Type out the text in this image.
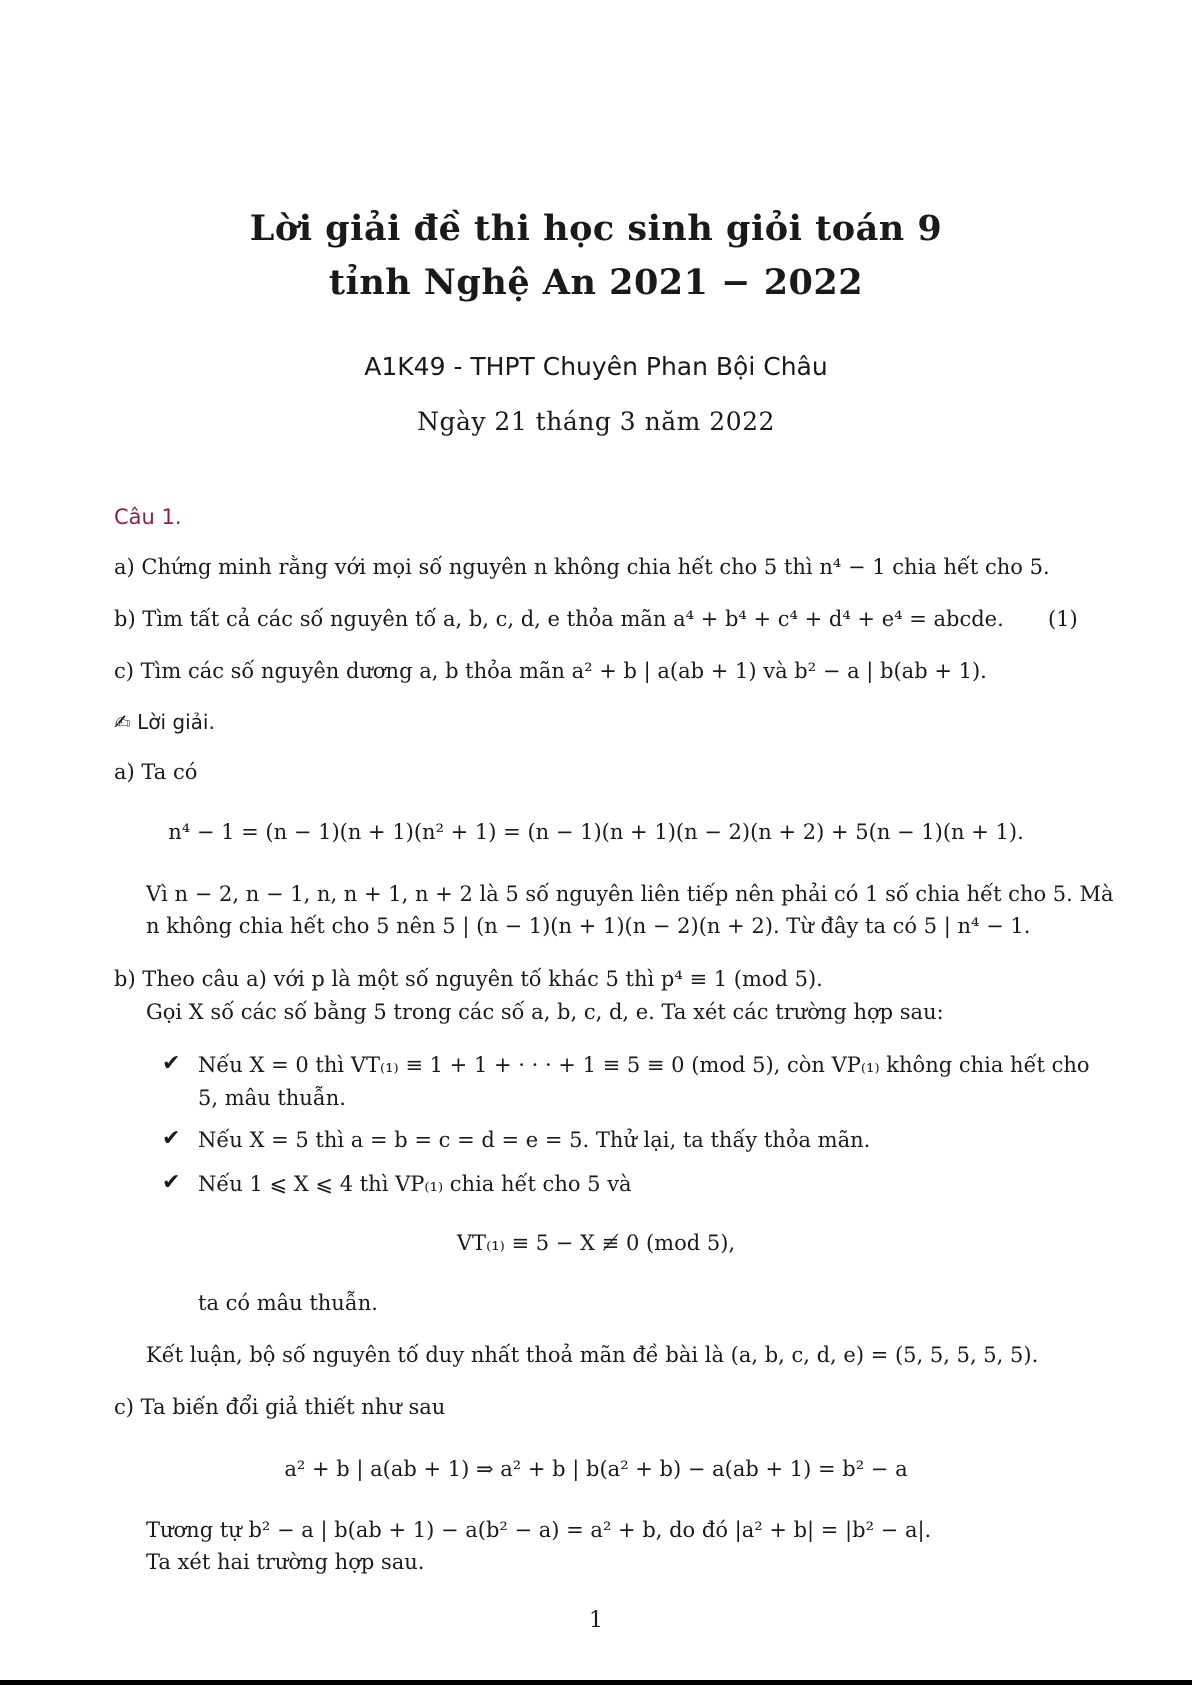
Lời giải đề thi học sinh giỏi toán 9
tỉnh Nghệ An 2021 − 2022
A1K49 - THPT Chuyên Phan Bội Châu
Ngày 21 tháng 3 năm 2022
Câu 1.
a) Chứng minh rằng với mọi số nguyên n không chia hết cho 5 thì n⁴ − 1 chia hết cho 5.
b) Tìm tất cả các số nguyên tố a, b, c, d, e thỏa mãn a⁴ + b⁴ + c⁴ + d⁴ + e⁴ = abcde. (1)
c) Tìm các số nguyên dương a, b thỏa mãn a² + b | a(ab + 1) và b² − a | b(ab + 1).
✍ Lời giải.
a) Ta có
n⁴ − 1 = (n − 1)(n + 1)(n² + 1) = (n − 1)(n + 1)(n − 2)(n + 2) + 5(n − 1)(n + 1).
Vì n − 2, n − 1, n, n + 1, n + 2 là 5 số nguyên liên tiếp nên phải có 1 số chia hết cho 5. Mà
n không chia hết cho 5 nên 5 | (n − 1)(n + 1)(n − 2)(n + 2). Từ đây ta có 5 | n⁴ − 1.
b) Theo câu a) với p là một số nguyên tố khác 5 thì p⁴ ≡ 1 (mod 5).
Gọi X số các số bằng 5 trong các số a, b, c, d, e. Ta xét các trường hợp sau:
✔ Nếu X = 0 thì VT₍₁₎ ≡ 1 + 1 + · · · + 1 ≡ 5 ≡ 0 (mod 5), còn VP₍₁₎ không chia hết cho
5, mâu thuẫn.
✔ Nếu X = 5 thì a = b = c = d = e = 5. Thử lại, ta thấy thỏa mãn.
✔ Nếu 1 ⩽ X ⩽ 4 thì VP₍₁₎ chia hết cho 5 và
VT₍₁₎ ≡ 5 − X ≢ 0 (mod 5),
ta có mâu thuẫn.
Kết luận, bộ số nguyên tố duy nhất thoả mãn đề bài là (a, b, c, d, e) = (5, 5, 5, 5, 5).
c) Ta biến đổi giả thiết như sau
a² + b | a(ab + 1) ⇒ a² + b | b(a² + b) − a(ab + 1) = b² − a
Tương tự b² − a | b(ab + 1) − a(b² − a) = a² + b, do đó |a² + b| = |b² − a|.
Ta xét hai trường hợp sau.
1
